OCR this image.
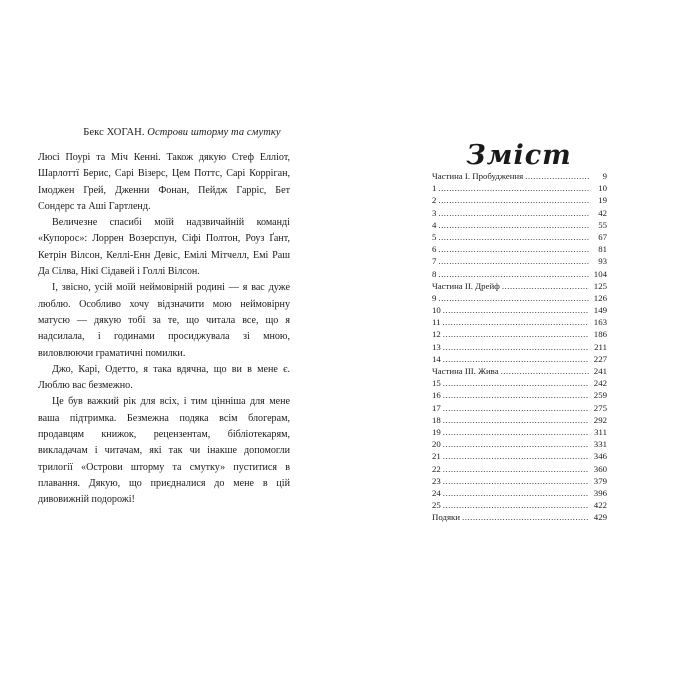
Бекс ХОГАН. Острови шторму та смутку

Люсі Поурі та Міч Кенні. Також дякую Стеф Елліот, Шарлоттї Берис, Сарі Візерс, Цем Поттс, Сарі Корріган, Імоджен Грей, Дженни Фонан, Пейдж Гарріс, Бет Сондерс та Аші Гартленд.

Величезне спасибі моїй надзвичайній команді «Купорос»: Лоррен Возерспун, Сіфі Полтон, Роуз Ґант, Кетрін Вілсон, Келлі-Енн Девіс, Емілі Мітчелл, Емі Раш Да Сілва, Нікі Сідавей і Голлі Вілсон.

І, звісно, усій моїй неймовірній родині — я вас дуже люблю. Особливо хочу відзначити мою неймовірну матусю — дякую тобі за те, що читала все, що я надсилала, і годинами просиджувала зі мною, виловлюючи граматичні помилки.

Джо, Карі, Одетто, я така вдячна, що ви в мене є. Люблю вас безмежно.

Це був важкий рік для всіх, і тим цінніша для мене ваша підтримка. Безмежна подяка всім блогерам, продавцям книжок, рецензентам, бібліотекарям, викладачам і читачам, які так чи інакше допомогли трилогії «Острови шторму та смутку» пуститися в плавання. Дякую, що приєдналися до мене в цій дивовижній подорожі!

Зміст
Частина І. Пробудження .....	9
1 .....	10
2 .....	19
3 .....	42
4 .....	55
5 .....	67
6 .....	81
7 .....	93
8 .....	104
Частина ІІ. Дрейф .....	125
9 .....	126
10 .....	149
11 .....	163
12 .....	186
13 .....	211
14 .....	227
Частина ІІІ. Жива .....	241
15 .....	242
16 .....	259
17 .....	275
18 .....	292
19 .....	311
20 .....	331
21 .....	346
22 .....	360
23 .....	379
24 .....	396
25 .....	422
Подяки .....	429
